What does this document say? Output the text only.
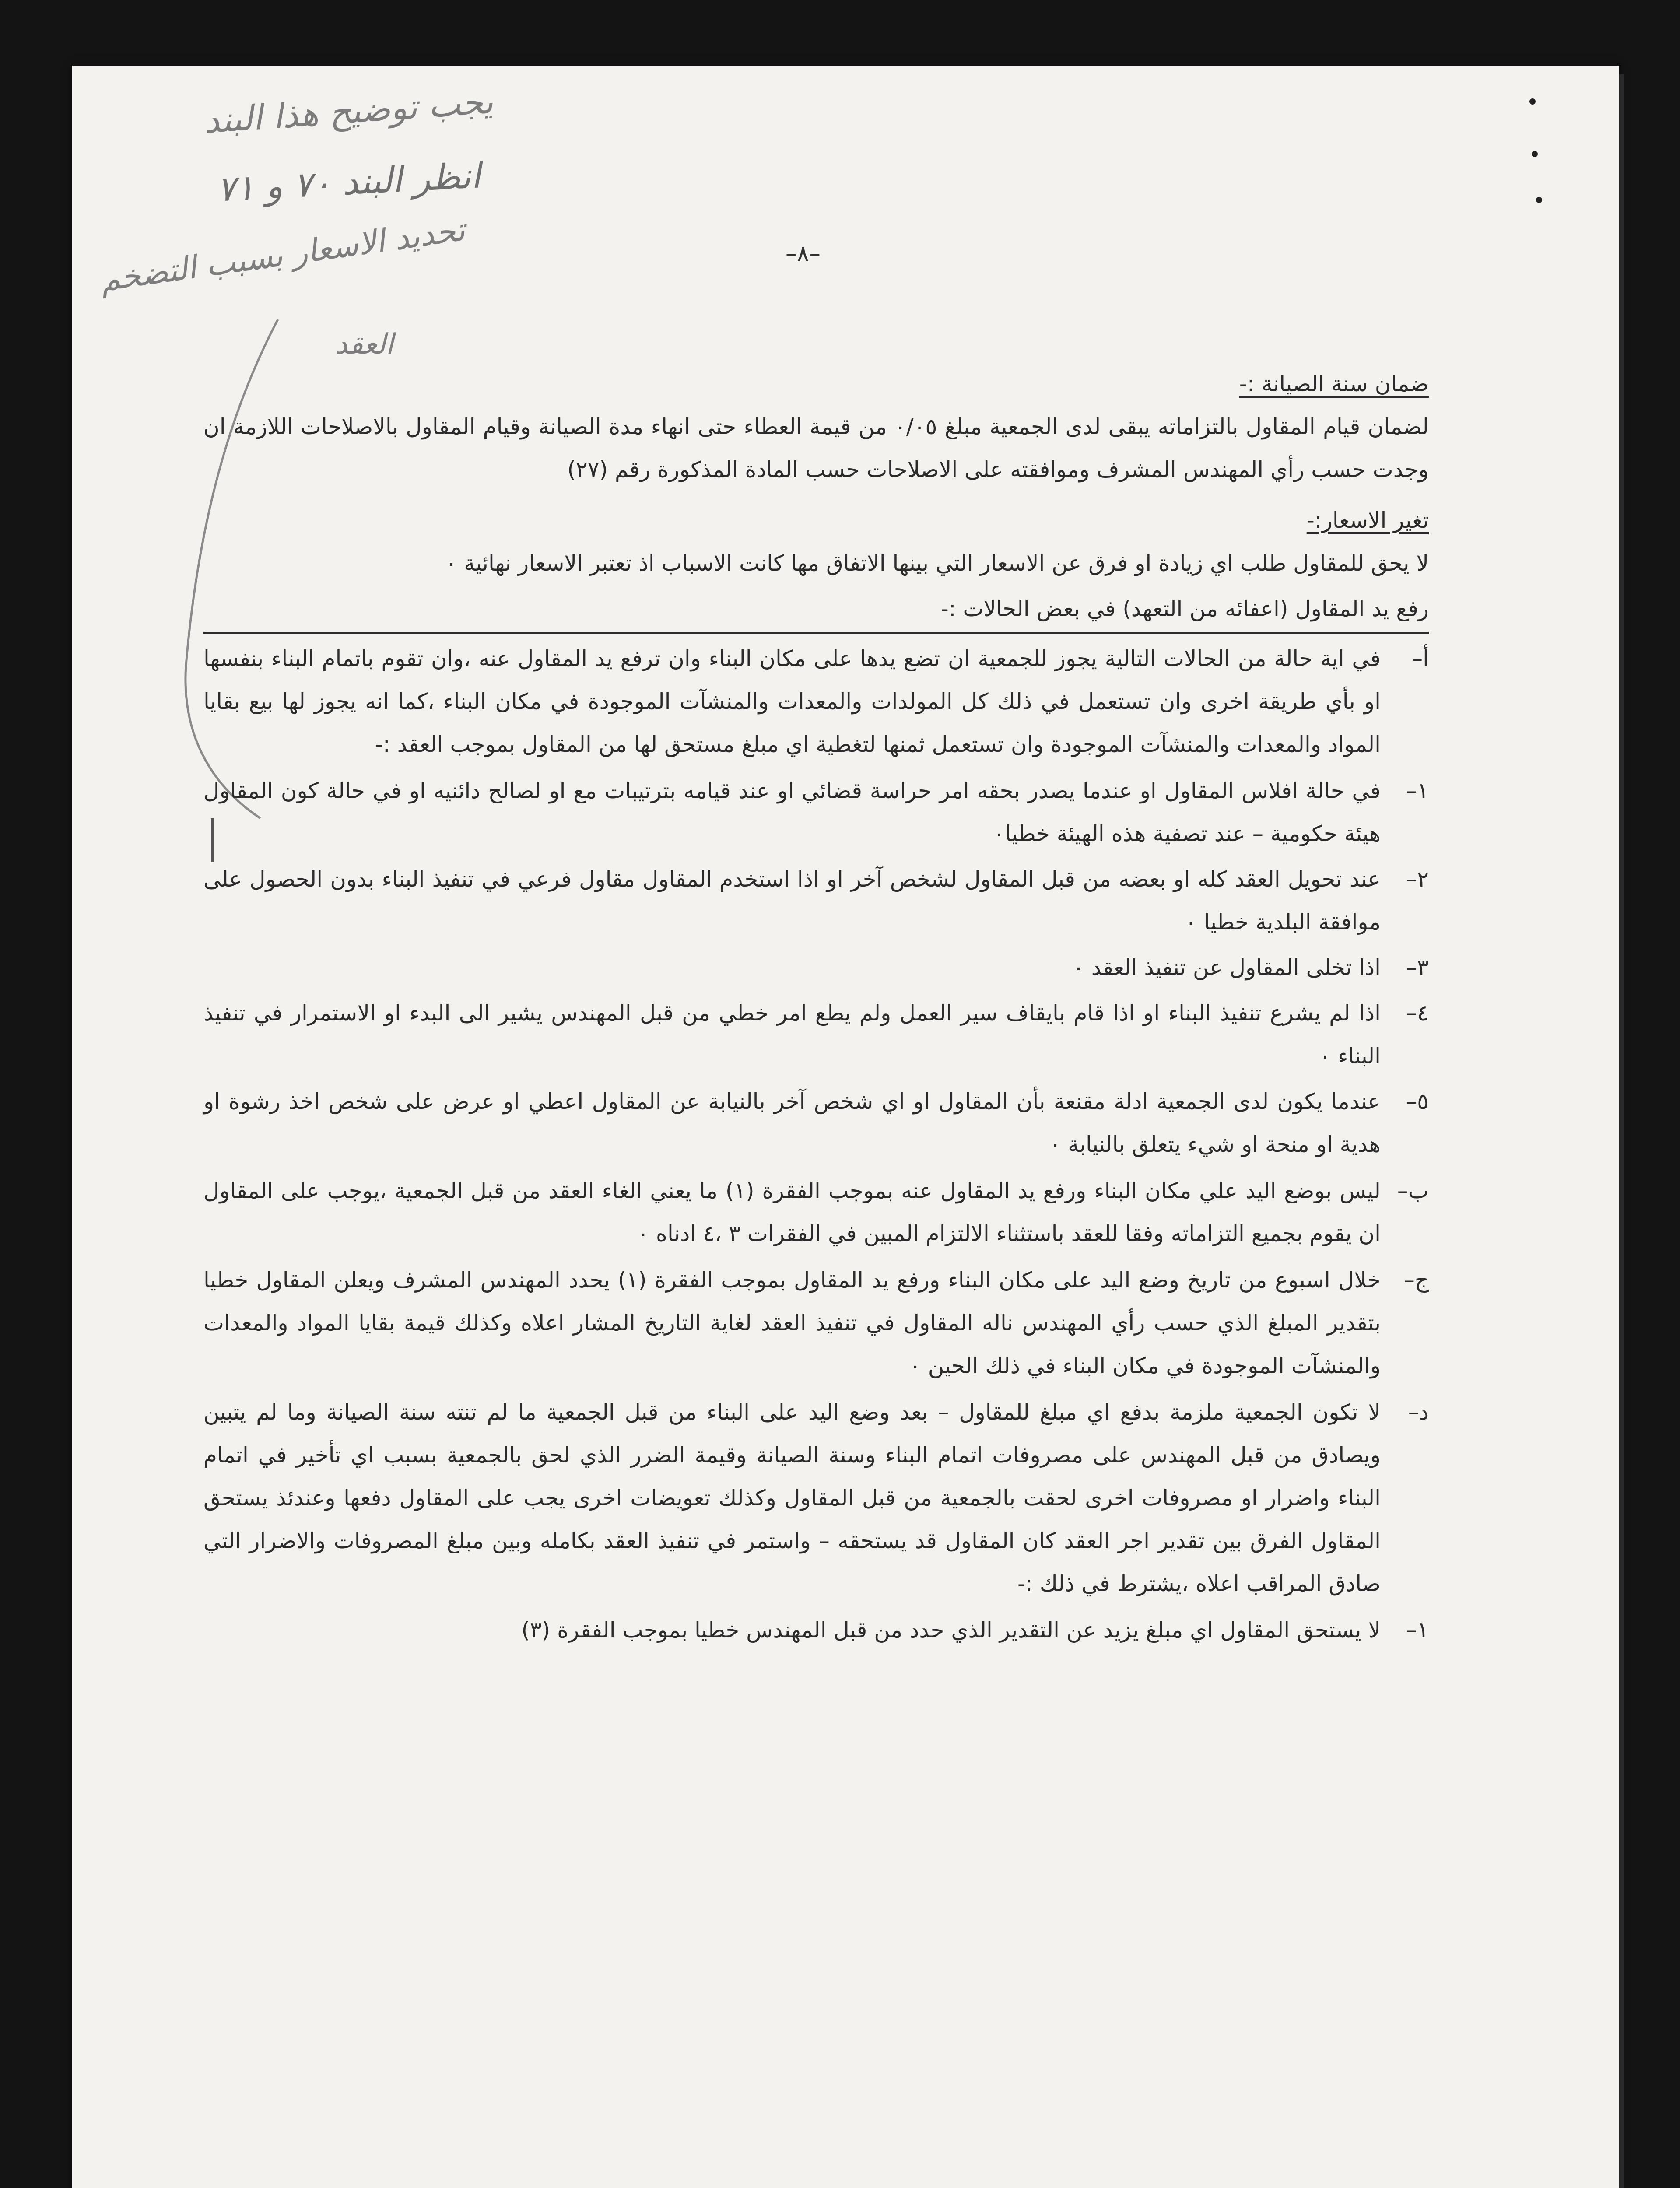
يجب توضيح هذا البند
انظر البند ٧٠ و ٧١
تحديد الاسعار بسبب التضخم
العقد
–٨–
ضمان سنة الصيانة :-

لضمان قيام المقاول بالتزاماته يبقى لدى الجمعية مبلغ ٠/٠٥ من قيمة العطاء حتى انهاء مدة الصيانة وقيام المقاول بالاصلاحات اللازمة ان وجدت حسب رأي المهندس المشرف وموافقته على الاصلاحات حسب المادة المذكورة رقم (٢٧)

تغير الاسعار:-

لا يحق للمقاول طلب اي زيادة او فرق عن الاسعار التي بينها الاتفاق مها كانت الاسباب اذ تعتبر الاسعار نهائية ٠

رفع يد المقاول (اعفائه من التعهد) في بعض الحالات :-
أ–
في اية حالة من الحالات التالية يجوز للجمعية ان تضع يدها على مكان البناء وان ترفع يد المقاول عنه ،وان تقوم باتمام البناء بنفسها او بأي طريقة اخرى وان تستعمل في ذلك كل المولدات والمعدات والمنشآت الموجودة في مكان البناء ،كما انه يجوز لها بيع بقايا المواد والمعدات والمنشآت الموجودة وان تستعمل ثمنها لتغطية اي مبلغ مستحق لها من المقاول بموجب العقد :-
١–
في حالة افلاس المقاول او عندما يصدر بحقه امر حراسة قضائي او عند قيامه بترتيبات مع او لصالح دائنيه او في حالة كون المقاول هيئة حكومية – عند تصفية هذه الهيئة خطيا٠
٢–
عند تحويل العقد كله او بعضه من قبل المقاول لشخص آخر او اذا استخدم المقاول مقاول فرعي في تنفيذ البناء بدون الحصول على موافقة البلدية خطيا ٠
٣–
اذا تخلى المقاول عن تنفيذ العقد ٠
٤–
اذا لم يشرع تنفيذ البناء او اذا قام بايقاف سير العمل ولم يطع امر خطي من قبل المهندس يشير الى البدء او الاستمرار في تنفيذ البناء ٠
٥–
عندما يكون لدى الجمعية ادلة مقنعة بأن المقاول او اي شخص آخر بالنيابة عن المقاول اعطي او عرض على شخص اخذ رشوة او هدية او منحة او شيء يتعلق بالنيابة ٠
ب–
ليس بوضع اليد علي مكان البناء ورفع يد المقاول عنه بموجب الفقرة (١) ما يعني الغاء العقد من قبل الجمعية ،يوجب على المقاول ان يقوم بجميع التزاماته وفقا للعقد باستثناء الالتزام المبين في الفقرات ٣ ،٤ ادناه ٠
ج–
خلال اسبوع من تاريخ وضع اليد على مكان البناء ورفع يد المقاول بموجب الفقرة (١) يحدد المهندس المشرف ويعلن المقاول خطيا بتقدير المبلغ الذي حسب رأي المهندس ناله المقاول في تنفيذ العقد لغاية التاريخ المشار اعلاه وكذلك قيمة بقايا المواد والمعدات والمنشآت الموجودة في مكان البناء في ذلك الحين ٠
د–
لا تكون الجمعية ملزمة بدفع اي مبلغ للمقاول – بعد وضع اليد على البناء من قبل الجمعية ما لم تنته سنة الصيانة وما لم يتبين ويصادق من قبل المهندس على مصروفات اتمام البناء وسنة الصيانة وقيمة الضرر الذي لحق بالجمعية بسبب اي تأخير في اتمام البناء واضرار او مصروفات اخرى لحقت بالجمعية من قبل المقاول وكذلك تعويضات اخرى يجب على المقاول دفعها وعندئذ يستحق المقاول الفرق بين تقدير اجر العقد كان المقاول قد يستحقه – واستمر في تنفيذ العقد بكامله وبين مبلغ المصروفات والاضرار التي صادق المراقب اعلاه ،يشترط في ذلك :-
١–
لا يستحق المقاول اي مبلغ يزيد عن التقدير الذي حدد من قبل المهندس خطيا بموجب الفقرة (٣)
